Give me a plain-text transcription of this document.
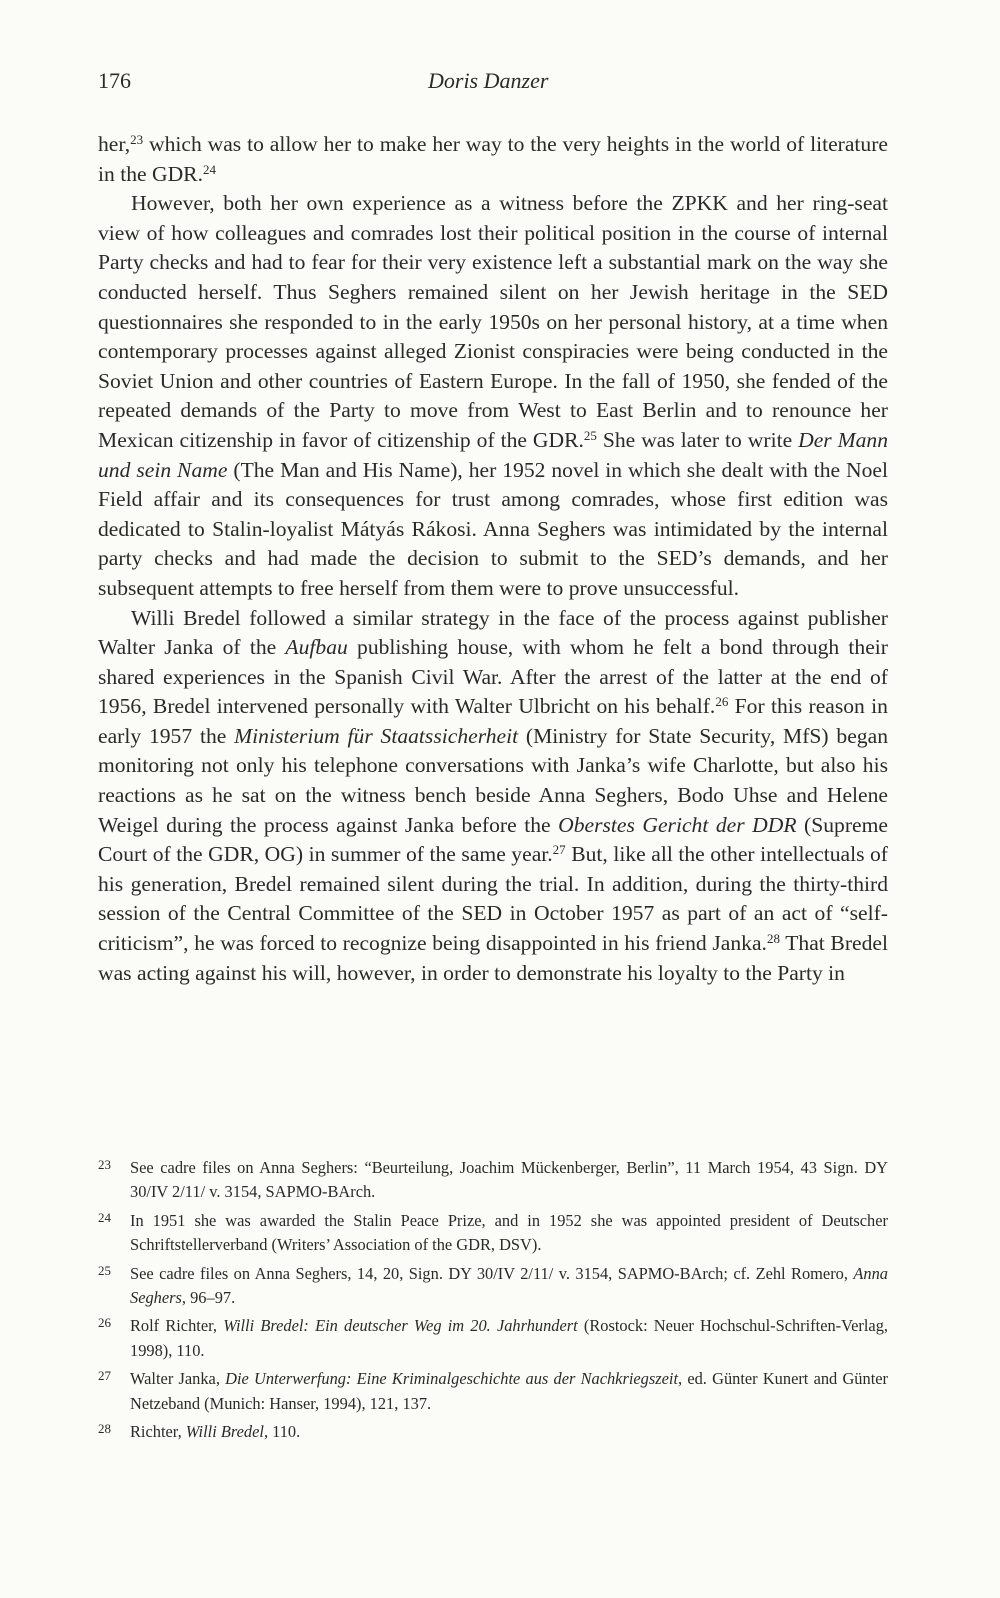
176	Doris Danzer

her,$^{23}$ which was to allow her to make her way to the very heights in the world of literature in the GDR.$^{24}$

However, both her own experience as a witness before the ZPKK and her ring-seat view of how colleagues and comrades lost their political position in the course of internal Party checks and had to fear for their very existence left a substantial mark on the way she conducted herself. Thus Seghers remained silent on her Jewish heritage in the SED questionnaires she responded to in the early 1950s on her personal history, at a time when contemporary processes against alleged Zionist conspiracies were being conducted in the Soviet Union and other countries of Eastern Europe. In the fall of 1950, she fended of the repeated demands of the Party to move from West to East Berlin and to renounce her Mexican citizenship in favor of citizenship of the GDR.$^{25}$ She was later to write Der Mann und sein Name (The Man and His Name), her 1952 novel in which she dealt with the Noel Field affair and its consequences for trust among comrades, whose first edition was dedicated to Stalin-loyalist Mátyás Rákosi. Anna Seghers was intimidated by the internal party checks and had made the decision to submit to the SED’s demands, and her subsequent attempts to free herself from them were to prove unsuccessful.

Willi Bredel followed a similar strategy in the face of the process against publisher Walter Janka of the Aufbau publishing house, with whom he felt a bond through their shared experiences in the Spanish Civil War. After the arrest of the latter at the end of 1956, Bredel intervened personally with Walter Ulbricht on his behalf.$^{26}$ For this reason in early 1957 the Ministerium für Staatssicherheit (Ministry for State Security, MfS) began monitoring not only his telephone conversations with Janka’s wife Charlotte, but also his reactions as he sat on the witness bench beside Anna Seghers, Bodo Uhse and Helene Weigel during the process against Janka before the Oberstes Gericht der DDR (Supreme Court of the GDR, OG) in summer of the same year.$^{27}$ But, like all the other intellectuals of his generation, Bredel remained silent during the trial. In addition, during the thirty-third session of the Central Committee of the SED in October 1957 as part of an act of “self-criticism”, he was forced to recognize being disappointed in his friend Janka.$^{28}$ That Bredel was acting against his will, however, in order to demonstrate his loyalty to the Party in

23 See cadre files on Anna Seghers: “Beurteilung, Joachim Mückenberger, Berlin”, 11 March 1954, 43 Sign. DY 30/IV 2/11/ v. 3154, SAPMO-BArch.
24 In 1951 she was awarded the Stalin Peace Prize, and in 1952 she was appointed president of Deutscher Schriftstellerverband (Writers’ Association of the GDR, DSV).
25 See cadre files on Anna Seghers, 14, 20, Sign. DY 30/IV 2/11/ v. 3154, SAPMO-BArch; cf. Zehl Romero, Anna Seghers, 96–97.
26 Rolf Richter, Willi Bredel: Ein deutscher Weg im 20. Jahrhundert (Rostock: Neuer Hochschul-Schriften-Verlag, 1998), 110.
27 Walter Janka, Die Unterwerfung: Eine Kriminalgeschichte aus der Nachkriegszeit, ed. Günter Kunert and Günter Netzeband (Munich: Hanser, 1994), 121, 137.
28 Richter, Willi Bredel, 110.
